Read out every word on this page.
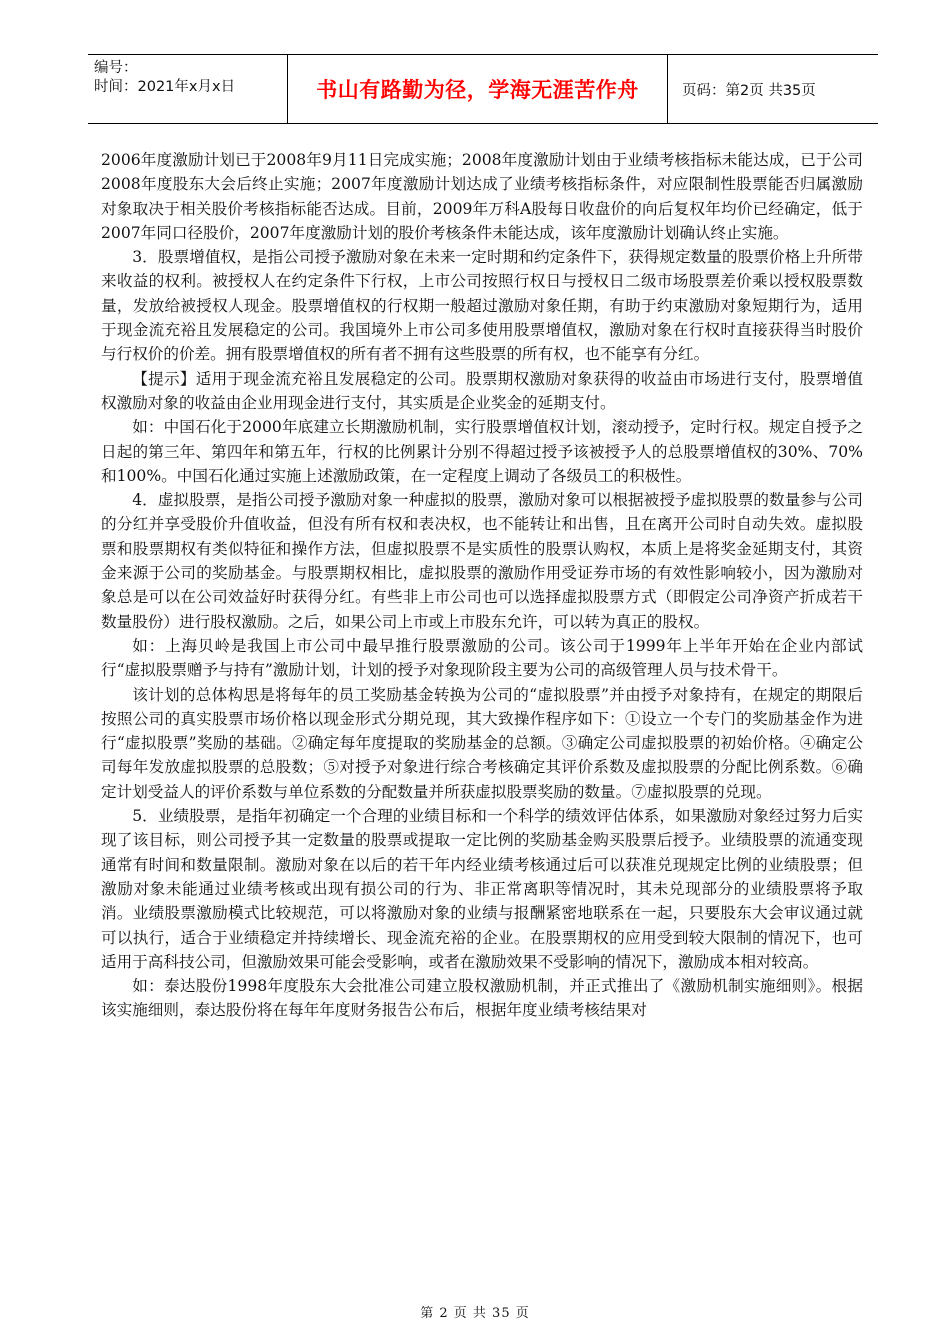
编号：
时间：2021年x月x日	书山有路勤为径，学海无涯苦作舟	页码：第2页 共35页

2006年度激励计划已于2008年9月11日完成实施；2008年度激励计划由于业绩考核指标未能达成，已于公司2008年度股东大会后终止实施；2007年度激励计划达成了业绩考核指标条件，对应限制性股票能否归属激励对象取决于相关股价考核指标能否达成。目前，2009年万科A股每日收盘价的向后复权年均价已经确定，低于2007年同口径股价，2007年度激励计划的股价考核条件未能达成，该年度激励计划确认终止实施。

3．股票增值权，是指公司授予激励对象在未来一定时期和约定条件下，获得规定数量的股票价格上升所带来收益的权利。被授权人在约定条件下行权，上市公司按照行权日与授权日二级市场股票差价乘以授权股票数量，发放给被授权人现金。股票增值权的行权期一般超过激励对象任期，有助于约束激励对象短期行为，适用于现金流充裕且发展稳定的公司。我国境外上市公司多使用股票增值权，激励对象在行权时直接获得当时股价与行权价的价差。拥有股票增值权的所有者不拥有这些股票的所有权，也不能享有分红。

【提示】适用于现金流充裕且发展稳定的公司。股票期权激励对象获得的收益由市场进行支付，股票增值权激励对象的收益由企业用现金进行支付，其实质是企业奖金的延期支付。

如：中国石化于2000年底建立长期激励机制，实行股票增值权计划，滚动授予，定时行权。规定自授予之日起的第三年、第四年和第五年，行权的比例累计分别不得超过授予该被授予人的总股票增值权的30%、70%和100%。中国石化通过实施上述激励政策，在一定程度上调动了各级员工的积极性。

4．虚拟股票，是指公司授予激励对象一种虚拟的股票，激励对象可以根据被授予虚拟股票的数量参与公司的分红并享受股价升值收益，但没有所有权和表决权，也不能转让和出售，且在离开公司时自动失效。虚拟股票和股票期权有类似特征和操作方法，但虚拟股票不是实质性的股票认购权，本质上是将奖金延期支付，其资金来源于公司的奖励基金。与股票期权相比，虚拟股票的激励作用受证券市场的有效性影响较小，因为激励对象总是可以在公司效益好时获得分红。有些非上市公司也可以选择虚拟股票方式（即假定公司净资产折成若干数量股份）进行股权激励。之后，如果公司上市或上市股东允许，可以转为真正的股权。

如：上海贝岭是我国上市公司中最早推行股票激励的公司。该公司于1999年上半年开始在企业内部试行“虚拟股票赠予与持有”激励计划，计划的授予对象现阶段主要为公司的高级管理人员与技术骨干。

该计划的总体构思是将每年的员工奖励基金转换为公司的“虚拟股票”并由授予对象持有，在规定的期限后按照公司的真实股票市场价格以现金形式分期兑现，其大致操作程序如下：①设立一个专门的奖励基金作为进行“虚拟股票”奖励的基础。②确定每年度提取的奖励基金的总额。③确定公司虚拟股票的初始价格。④确定公司每年发放虚拟股票的总股数；⑤对授予对象进行综合考核确定其评价系数及虚拟股票的分配比例系数。⑥确定计划受益人的评价系数与单位系数的分配数量并所获虚拟股票奖励的数量。⑦虚拟股票的兑现。

5．业绩股票，是指年初确定一个合理的业绩目标和一个科学的绩效评估体系，如果激励对象经过努力后实现了该目标，则公司授予其一定数量的股票或提取一定比例的奖励基金购买股票后授予。业绩股票的流通变现通常有时间和数量限制。激励对象在以后的若干年内经业绩考核通过后可以获准兑现规定比例的业绩股票；但激励对象未能通过业绩考核或出现有损公司的行为、非正常离职等情况时，其未兑现部分的业绩股票将予取消。业绩股票激励模式比较规范，可以将激励对象的业绩与报酬紧密地联系在一起，只要股东大会审议通过就可以执行，适合于业绩稳定并持续增长、现金流充裕的企业。在股票期权的应用受到较大限制的情况下，也可适用于高科技公司，但激励效果可能会受影响，或者在激励效果不受影响的情况下，激励成本相对较高。

如：泰达股份1998年度股东大会批准公司建立股权激励机制，并正式推出了《激励机制实施细则》。根据该实施细则，泰达股份将在每年年度财务报告公布后，根据年度业绩考核结果对

第 2 页 共 35 页
